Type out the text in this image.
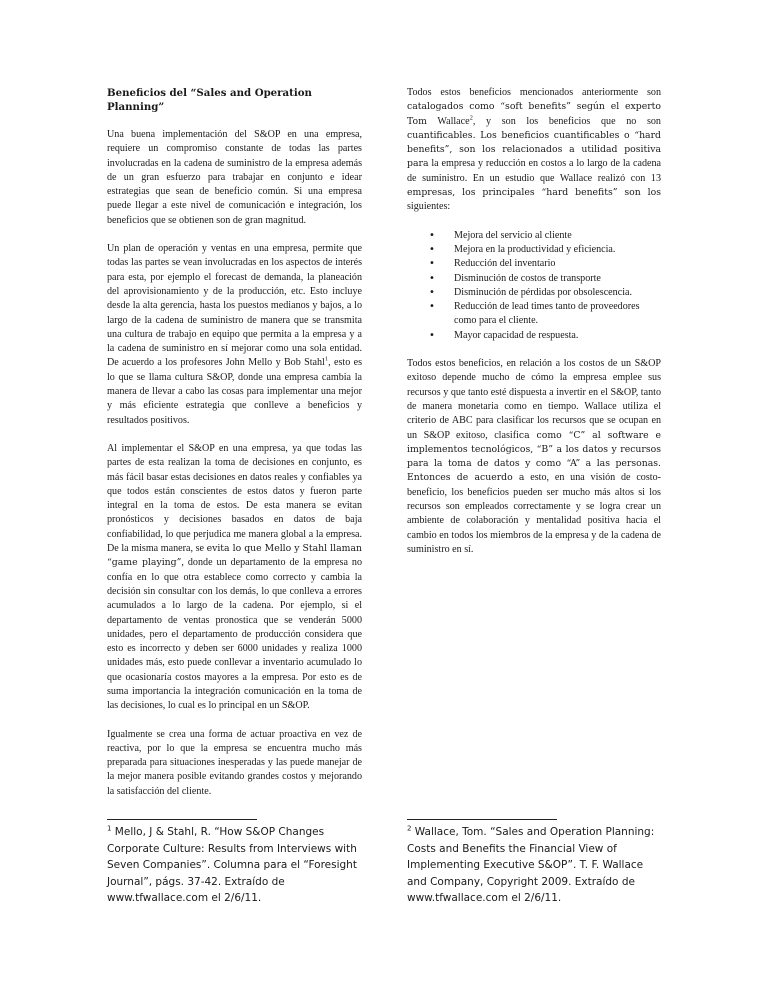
Beneficios del “Sales and Operation Planning”

Una buena implementación del S&OP en una empresa, requiere un compromiso constante de todas las partes involucradas en la cadena de suministro de la empresa además de un gran esfuerzo para trabajar en conjunto e idear estrategias que sean de beneficio común. Si una empresa puede llegar a este nivel de comunicación e integración, los beneficios que se obtienen son de gran magnitud.

Un plan de operación y ventas en una empresa, permite que todas las partes se vean involucradas en los aspectos de interés para esta, por ejemplo el forecast de demanda, la planeación del aprovisionamiento y de la producción, etc. Esto incluye desde la alta gerencia, hasta los puestos medianos y bajos, a lo largo de la cadena de suministro de manera que se transmita una cultura de trabajo en equipo que permita a la empresa y a la cadena de suministro en sí mejorar como una sola entidad. De acuerdo a los profesores John Mello y Bob Stahl$^1$, esto es lo que se llama cultura S&OP, donde una empresa cambia la manera de llevar a cabo las cosas para implementar una mejor y más eficiente estrategia que conlleve a beneficios y resultados positivos.

Al implementar el S&OP en una empresa, ya que todas las partes de esta realizan la toma de decisiones en conjunto, es más fácil basar estas decisiones en datos reales y confiables ya que todos están conscientes de estos datos y fueron parte integral en la toma de estos. De esta manera se evitan pronósticos y decisiones basados en datos de baja confiabilidad, lo que perjudica me manera global a la empresa. De la misma manera, se evita lo que Mello y Stahl llaman “game playing”, donde un departamento de la empresa no confía en lo que otra establece como correcto y cambia la decisión sin consultar con los demás, lo que conlleva a errores acumulados a lo largo de la cadena. Por ejemplo, si el departamento de ventas pronostica que se venderán 5000 unidades, pero el departamento de producción considera que esto es incorrecto y deben ser 6000 unidades y realiza 1000 unidades más, esto puede conllevar a inventario acumulado lo que ocasionaría costos mayores a la empresa. Por esto es de suma importancia la integración comunicación en la toma de las decisiones, lo cual es lo principal en un S&OP.

Igualmente se crea una forma de actuar proactiva en vez de reactiva, por lo que la empresa se encuentra mucho más preparada para situaciones inesperadas y las puede manejar de la mejor manera posible evitando grandes costos y mejorando la satisfacción del cliente.

Todos estos beneficios mencionados anteriormente son catalogados como “soft benefits” según el experto Tom Wallace$^2$, y son los beneficios que no son cuantificables. Los beneficios cuantificables o “hard benefits”, son los relacionados a utilidad positiva para la empresa y reducción en costos a lo largo de la cadena de suministro. En un estudio que Wallace realizó con 13 empresas, los principales “hard benefits” son los siguientes:

• Mejora del servicio al cliente
• Mejora en la productividad y eficiencia.
• Reducción del inventario
• Disminución de costos de transporte
• Disminución de pérdidas por obsolescencia.
• Reducción de lead times tanto de proveedores como para el cliente.
• Mayor capacidad de respuesta.

Todos estos beneficios, en relación a los costos de un S&OP exitoso depende mucho de cómo la empresa emplee sus recursos y que tanto esté dispuesta a invertir en el S&OP, tanto de manera monetaria como en tiempo. Wallace utiliza el criterio de ABC para clasificar los recursos que se ocupan en un S&OP exitoso, clasifica como “C” al software e implementos tecnológicos, “B” a los datos y recursos para la toma de datos y como “A” a las personas. Entonces de acuerdo a esto, en una visión de costo-beneficio, los beneficios pueden ser mucho más altos si los recursos son empleados correctamente y se logra crear un ambiente de colaboración y mentalidad positiva hacia el cambio en todos los miembros de la empresa y de la cadena de suministro en sí.

$^1$ Mello, J & Stahl, R. “How S&OP Changes Corporate Culture: Results from Interviews with Seven Companies”. Columna para el “Foresight Journal”, págs. 37-42. Extraído de www.tfwallace.com el 2/6/11.
$^2$ Wallace, Tom. “Sales and Operation Planning: Costs and Benefits the Financial View of Implementing Executive S&OP”. T. F. Wallace and Company, Copyright 2009. Extraído de www.tfwallace.com el 2/6/11.
